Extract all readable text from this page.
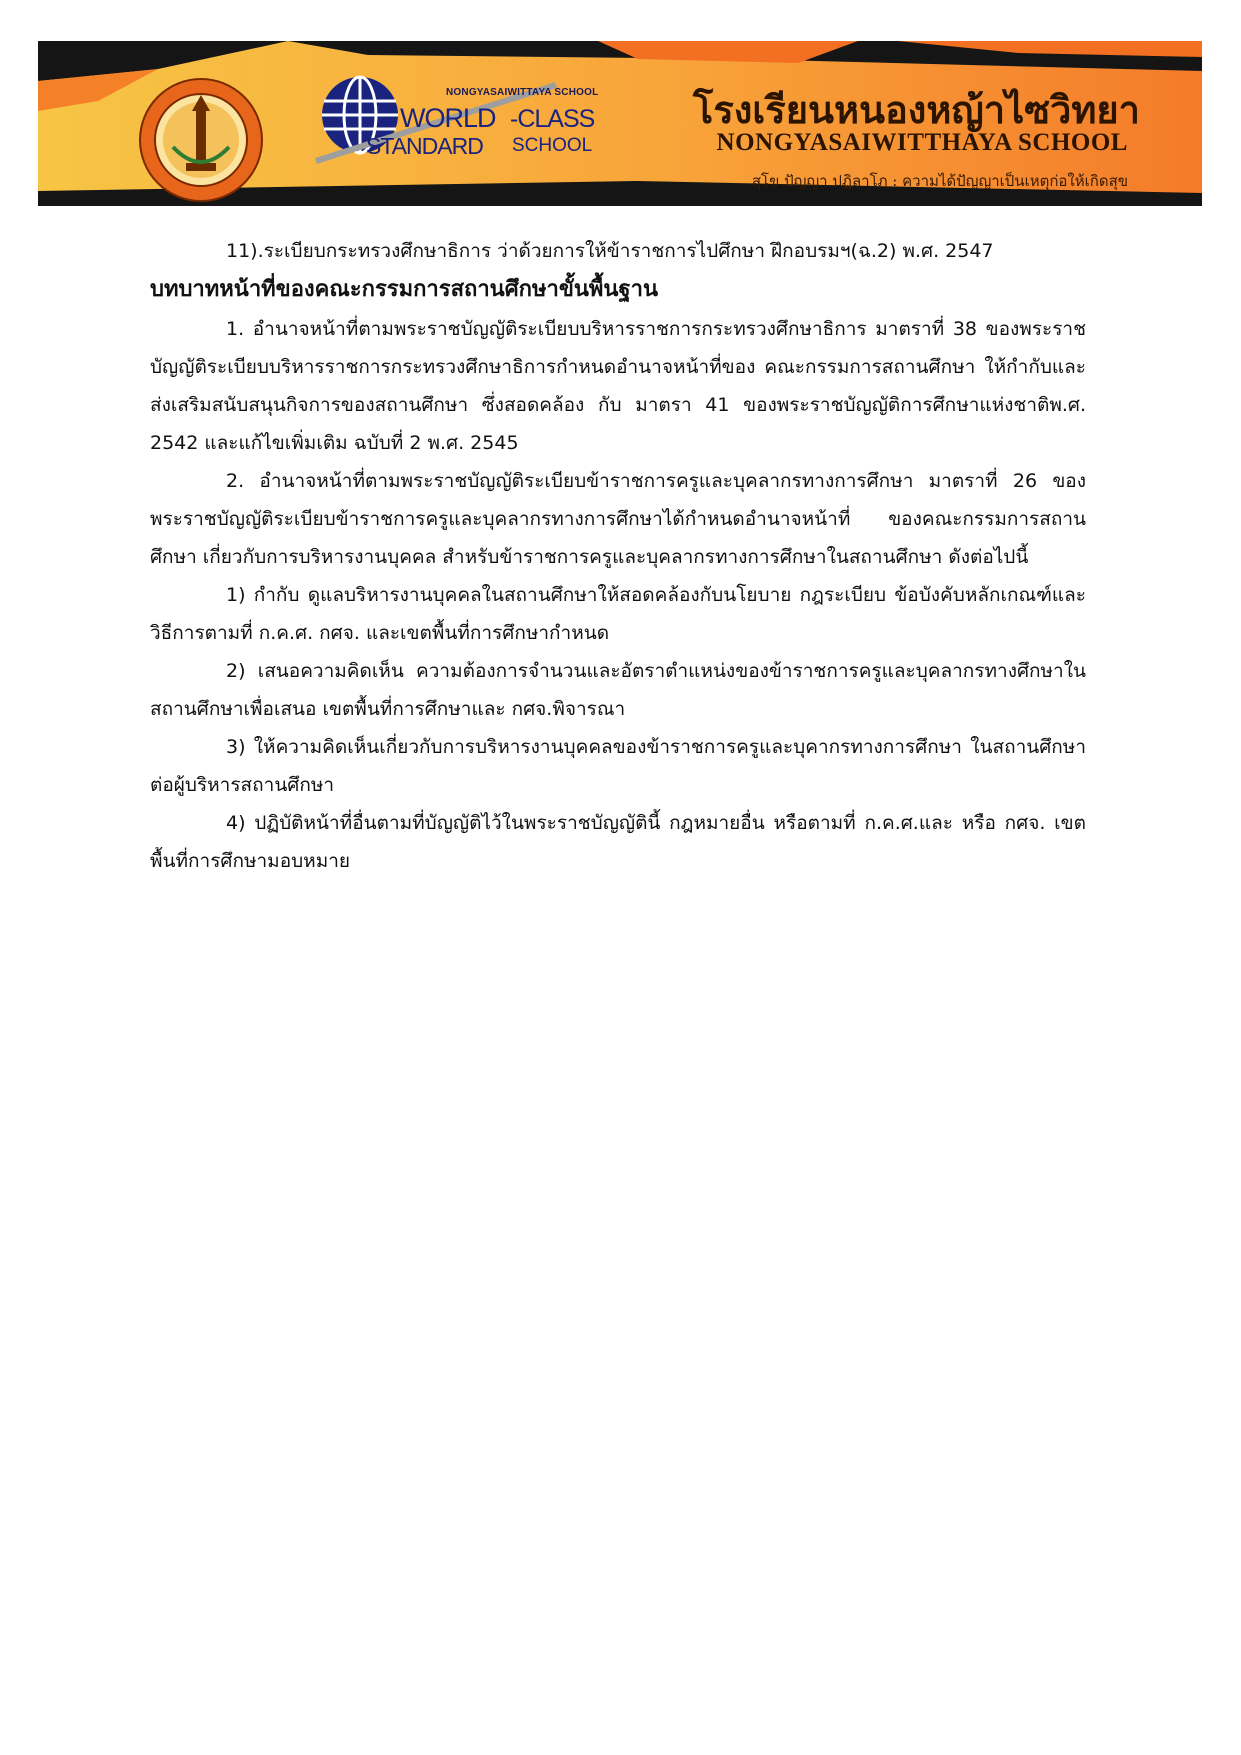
NONGYASAIWITTAYA SCHOOL
WORLD -CLASS
STANDARD SCHOOL
โรงเรียนหนองหญ้าไซวิทยา
NONGYASAIWITTHAYA SCHOOL
สุโข ปัญญา ปฏิลาโภ : ความได้ปัญญาเป็นเหตุก่อให้เกิดสุข

11).ระเบียบกระทรวงศึกษาธิการ ว่าด้วยการให้ข้าราชการไปศึกษา ฝึกอบรมฯ(ฉ.2) พ.ศ. 2547

บทบาทหน้าที่ของคณะกรรมการสถานศึกษาขั้นพื้นฐาน

1. อำนาจหน้าที่ตามพระราชบัญญัติระเบียบบริหารราชการกระทรวงศึกษาธิการ มาตราที่ 38 ของพระราชบัญญัติระเบียบบริหารราชการกระทรวงศึกษาธิการกำหนดอำนาจหน้าที่ของ คณะกรรมการสถานศึกษา ให้กำกับและ ส่งเสริมสนับสนุนกิจการของสถานศึกษา ซึ่งสอดคล้อง กับ มาตรา 41 ของพระราชบัญญัติการศึกษาแห่งชาติพ.ศ. 2542 และแก้ไขเพิ่มเติม ฉบับที่ 2 พ.ศ. 2545

2. อำนาจหน้าที่ตามพระราชบัญญัติระเบียบข้าราชการครูและบุคลากรทางการศึกษา มาตราที่ 26 ของ พระราชบัญญัติระเบียบข้าราชการครูและบุคลากรทางการศึกษาได้กำหนดอำนาจหน้าที่ ของคณะกรรมการสถานศึกษา เกี่ยวกับการบริหารงานบุคคล สำหรับข้าราชการครูและบุคลากรทางการศึกษาในสถานศึกษา ดังต่อไปนี้

1) กำกับ ดูแลบริหารงานบุคคลในสถานศึกษาให้สอดคล้องกับนโยบาย กฎระเบียบ ข้อบังคับหลักเกณฑ์และวิธีการตามที่ ก.ค.ศ. กศจ. และเขตพื้นที่การศึกษากำหนด

2) เสนอความคิดเห็น ความต้องการจำนวนและอัตราตำแหน่งของข้าราชการครูและบุคลากรทางศึกษาในสถานศึกษาเพื่อเสนอ เขตพื้นที่การศึกษาและ กศจ.พิจารณา

3) ให้ความคิดเห็นเกี่ยวกับการบริหารงานบุคคลของข้าราชการครูและบุคากรทางการศึกษา ในสถานศึกษาต่อผู้บริหารสถานศึกษา

4) ปฏิบัติหน้าที่อื่นตามที่บัญญัติไว้ในพระราชบัญญัตินี้ กฎหมายอื่น หรือตามที่ ก.ค.ศ.และ หรือ กศจ. เขตพื้นที่การศึกษามอบหมาย
